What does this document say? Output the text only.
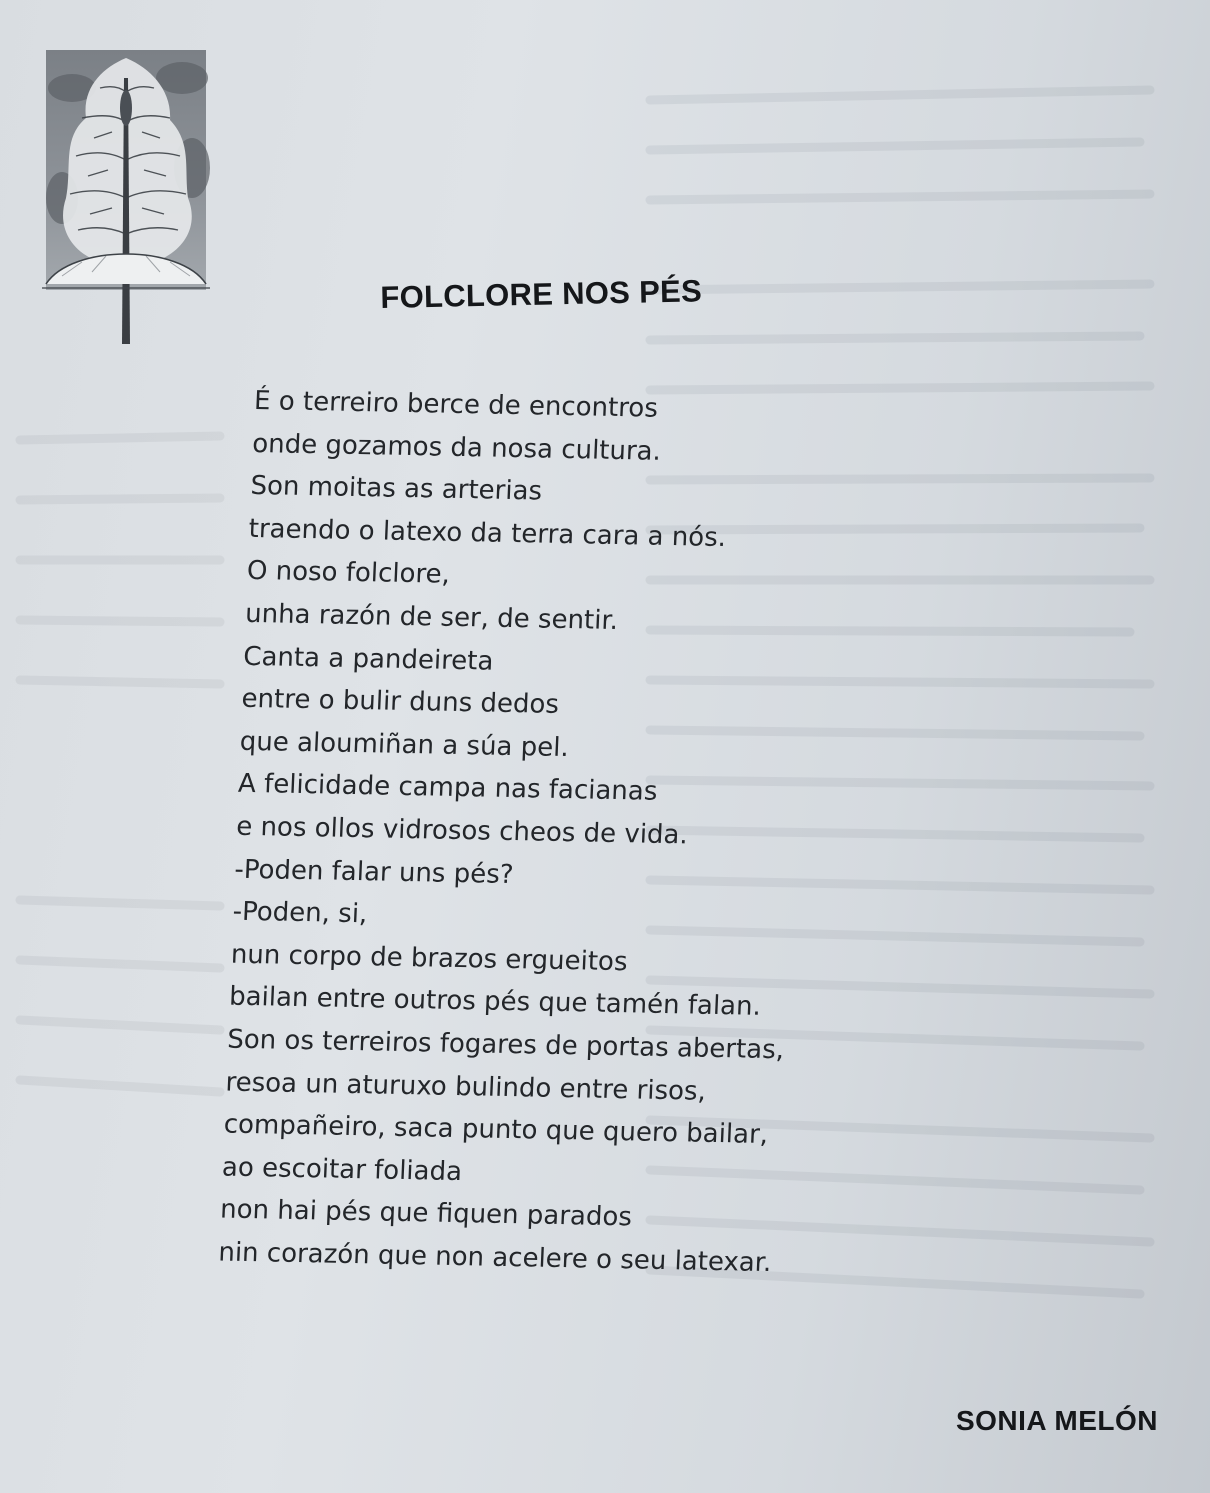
FOLCLORE NOS PÉS
É o terreiro berce de encontros
onde gozamos da nosa cultura.
Son moitas as arterias
traendo o latexo da terra cara a nós.
O noso folclore,
unha razón de ser, de sentir.
Canta a pandeireta
entre o bulir duns dedos
que aloumiñan a súa pel.
A felicidade campa nas facianas
e nos ollos vidrosos cheos de vida.
-Poden falar uns pés?
-Poden, si,
nun corpo de brazos ergueitos
bailan entre outros pés que tamén falan.
Son os terreiros fogares de portas abertas,
resoa un aturuxo bulindo entre risos,
compañeiro, saca punto que quero bailar,
ao escoitar foliada
non hai pés que fiquen parados
nin corazón que non acelere o seu latexar.
SONIA MELÓN
